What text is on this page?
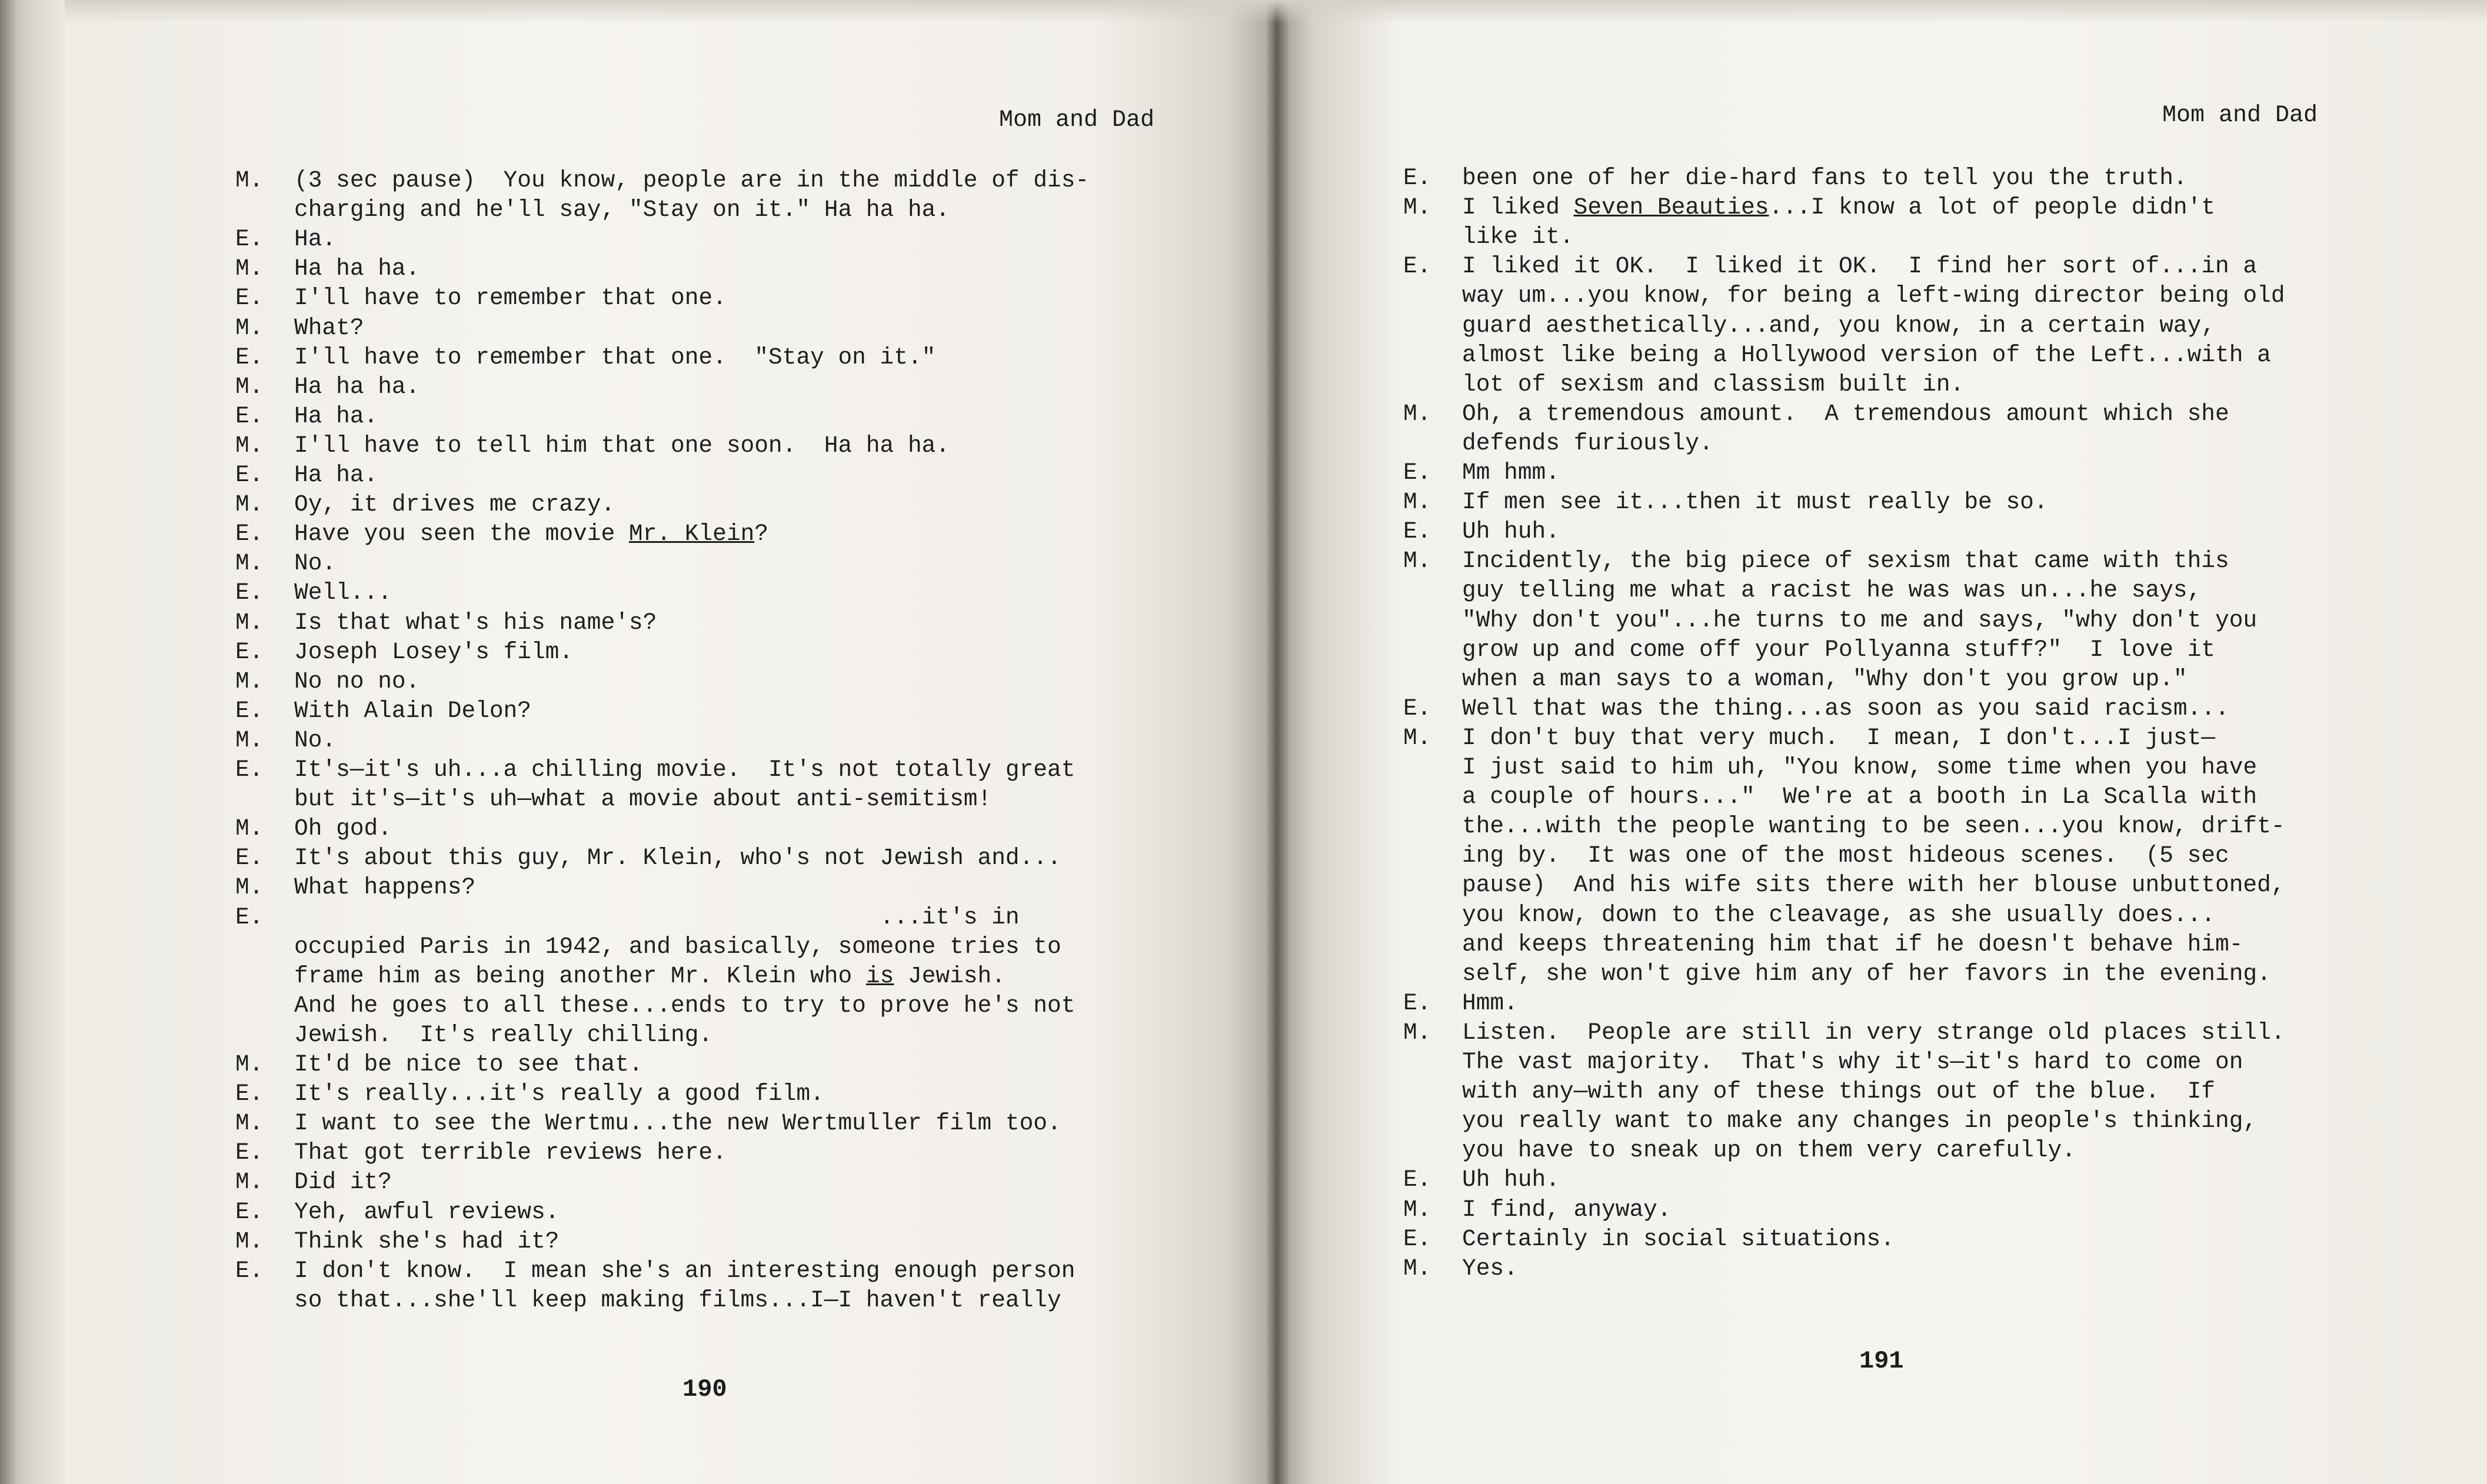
Mom and Dad
M.	(3 sec pause)  You know, people are in the middle of dis-
charging and he'll say, "Stay on it." Ha ha ha.
E.	Ha.
M.	Ha ha ha.
E.	I'll have to remember that one.
M.	What?
E.	I'll have to remember that one.  "Stay on it."
M.	Ha ha ha.
E.	Ha ha.
M.	I'll have to tell him that one soon.  Ha ha ha.
E.	Ha ha.
M.	Oy, it drives me crazy.
E.	Have you seen the movie Mr. Klein?
M.	No.
E.	Well...
M.	Is that what's his name's?
E.	Joseph Losey's film.
M.	No no no.
E.	With Alain Delon?
M.	No.
E.	It's—it's uh...a chilling movie.  It's not totally great
but it's—it's uh—what a movie about anti-semitism!
M.	Oh god.
E.	It's about this guy, Mr. Klein, who's not Jewish and...
M.	What happens?
E.	...it's in
occupied Paris in 1942, and basically, someone tries to
frame him as being another Mr. Klein who is Jewish.
And he goes to all these...ends to try to prove he's not
Jewish.  It's really chilling.
M.	It'd be nice to see that.
E.	It's really...it's really a good film.
M.	I want to see the Wertmu...the new Wertmuller film too.
E.	That got terrible reviews here.
M.	Did it?
E.	Yeh, awful reviews.
M.	Think she's had it?
E.	I don't know.  I mean she's an interesting enough person
so that...she'll keep making films...I—I haven't really
190
Mom and Dad
E.	been one of her die-hard fans to tell you the truth.
M.	I liked Seven Beauties...I know a lot of people didn't
like it.
E.	I liked it OK.  I liked it OK.  I find her sort of...in a
way um...you know, for being a left-wing director being old
guard aesthetically...and, you know, in a certain way,
almost like being a Hollywood version of the Left...with a
lot of sexism and classism built in.
M.	Oh, a tremendous amount.  A tremendous amount which she
defends furiously.
E.	Mm hmm.
M.	If men see it...then it must really be so.
E.	Uh huh.
M.	Incidently, the big piece of sexism that came with this
guy telling me what a racist he was was un...he says,
"Why don't you"...he turns to me and says, "why don't you
grow up and come off your Pollyanna stuff?"  I love it
when a man says to a woman, "Why don't you grow up."
E.	Well that was the thing...as soon as you said racism...
M.	I don't buy that very much.  I mean, I don't...I just—
I just said to him uh, "You know, some time when you have
a couple of hours..."  We're at a booth in La Scalla with
the...with the people wanting to be seen...you know, drift-
ing by.  It was one of the most hideous scenes.  (5 sec
pause)  And his wife sits there with her blouse unbuttoned,
you know, down to the cleavage, as she usually does...
and keeps threatening him that if he doesn't behave him-
self, she won't give him any of her favors in the evening.
E.	Hmm.
M.	Listen.  People are still in very strange old places still.
The vast majority.  That's why it's—it's hard to come on
with any—with any of these things out of the blue.  If
you really want to make any changes in people's thinking,
you have to sneak up on them very carefully.
E.	Uh huh.
M.	I find, anyway.
E.	Certainly in social situations.
M.	Yes.
191
